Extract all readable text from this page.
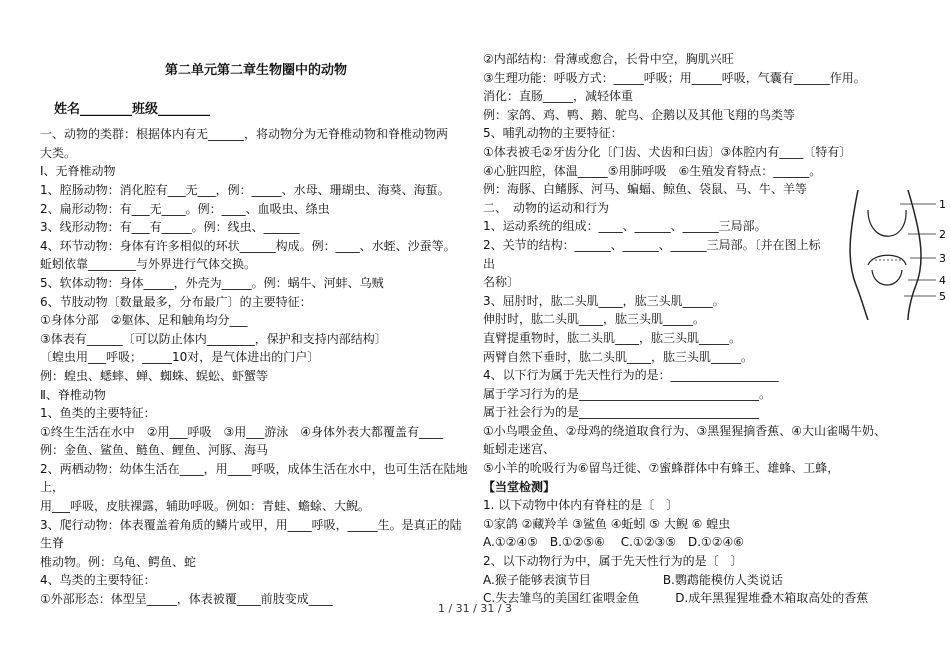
第二单元第二章生物圈中的动物
姓名________班级________
一、动物的类群：根据体内有无______，将动物分为无脊椎动物和脊椎动物两
大类。
Ⅰ、无脊椎动物
1、腔肠动物：消化腔有___无___，例：_____、水母、珊瑚虫、海葵、海蜇。
2、扁形动物：有___无____。例：____、血吸虫、绦虫
3、线形动物：有___有_____。例：线虫、______
4、环节动物：身体有许多相似的环状______构成。例：____、水蛭、沙蚕等。
蚯蚓依靠________与外界进行气体交换。
5、软体动物：身体_____，外壳为_____。例：蜗牛、河蚌、乌贼
6、节肢动物〔数量最多，分布最广〕的主要特征：
①身体分部　②躯体、足和触角均分___
③体表有______〔可以防止体内________，保护和支持内部结构〕
〔蝗虫用___呼吸；_____10对，是气体进出的门户〕
例：蝗虫、蟋蟀、蝉、蜘蛛、蜈蚣、虾蟹等
Ⅱ、脊椎动物
1、鱼类的主要特征：
①终生生活在水中　②用___呼吸　③用___游泳　④身体外表大都覆盖有____
例：金鱼、鲨鱼、鲢鱼、鲤鱼、河豚、海马
2、两栖动物：幼体生活在____，用____呼吸，成体生活在水中，也可生活在陆地
上，
用___呼吸，皮肤裸露，辅助呼吸。例如：青蛙、蟾蜍、大鲵。
3、爬行动物：体表覆盖着角质的鳞片或甲，用____呼吸，_____生。是真正的陆
生脊
椎动物。例：乌龟、鳄鱼、蛇
4、鸟类的主要特征：
①外部形态：体型呈_____，体表被覆____前肢变成____
②内部结构：骨薄或愈合，长骨中空，胸肌兴旺
③生理功能：呼吸方式：_____呼吸；用_____呼吸，气囊有______作用。
消化：直肠_____，减轻体重
例：家鸽、鸡、鸭、鹅、鸵鸟、企鹅以及其他飞翔的鸟类等
5、哺乳动物的主要特征：
①体表被毛②牙齿分化〔门齿、犬齿和臼齿〕③体腔内有____〔特有〕
④心脏四腔，体温_____⑤用肺呼吸　⑥生殖发育特点：______。
例：海豚、白鳍豚、河马、蝙蝠、鲸鱼、袋鼠、马、牛、羊等
二、　动物的运动和行为
1、运动系统的组成：____、______、______三局部。
2、关节的结构：______、______、______三局部。〔并在图上标
出
名称〕
3、屈肘时，肱二头肌____，肱三头肌_____。
伸肘时，肱二头肌____，肱三头肌_____。
直臂提重物时，肱二头肌____，肱三头肌_____。
两臂自然下垂时，肱二头肌____，肱三头肌_____。
4、以下行为属于先天性行为的是：__________________
属于学习行为的是______________________________。
属于社会行为的是______________________________
①小鸟喂金鱼、②母鸡的绕道取食行为、③黑猩猩摘香蕉、④大山雀喝牛奶、
蚯蚓走迷宫、
⑤小羊的吮吸行为⑥留鸟迁徙、⑦蜜蜂群体中有蜂王、雄蜂、工蜂，
【当堂检测】
1. 以下动物中体内有脊柱的是〔　〕
①家鸽 ②藏羚羊 ③鲨鱼 ④蚯蚓 ⑤ 大鲵 ⑥ 蝗虫
A.①②④⑤　B.①②⑤⑥　 C.①②③⑤　D.①②④⑥
2、以下动物行为中，属于先天性行为的是〔　〕
A.猴子能够表演节目　　　　　　B.鹦鹉能模仿人类说话
C.失去雏鸟的美国红雀喂金鱼　　　D.成年黑猩猩堆叠木箱取高处的香蕉
1
2
3
4
5
1 / 31 / 31 / 3
